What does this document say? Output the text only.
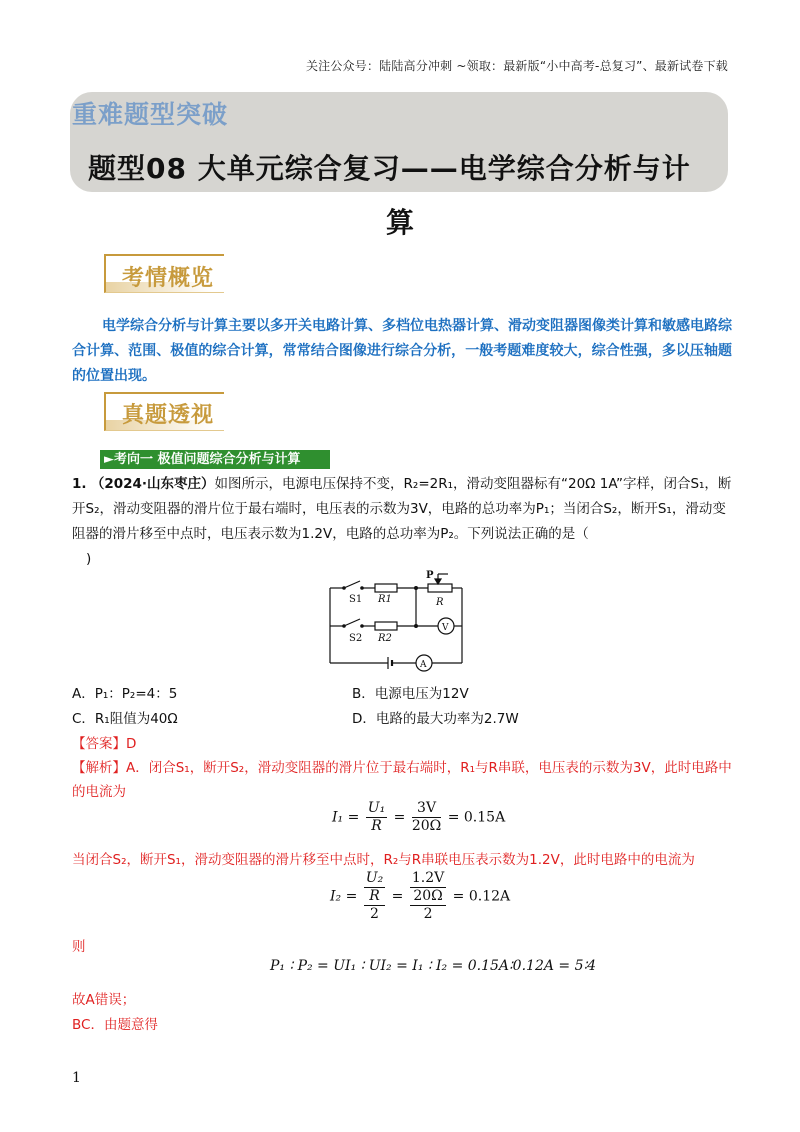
关注公众号：陆陆高分冲刺 ~领取：最新版“小中高考-总复习”、最新试卷下载
重难题型突破
题型08 大单元综合复习——电学综合分析与计
算
考情概览
电学综合分析与计算主要以多开关电路计算、多档位电热器计算、滑动变阻器图像类计算和敏感电路综合计算、范围、极值的综合计算，常常结合图像进行综合分析，一般考题难度较大，综合性强，多以压轴题的位置出现。
真题透视
►考向一 极值问题综合分析与计算
1. （2024·山东枣庄）如图所示，电源电压保持不变，R₂=2R₁，滑动变阻器标有“20Ω 1A”字样，闭合S₁，断开S₂，滑动变阻器的滑片位于最右端时，电压表的示数为3V，电路的总功率为P₁；当闭合S₂，断开S₁，滑动变阻器的滑片移至中点时，电压表示数为1.2V，电路的总功率为P₂。下列说法正确的是（
)
P
S1 R1	R
S2 R2
V
A
A．P₁：P₂=4：5	B．电源电压为12V
C．R₁阻值为40Ω	D．电路的最大功率为2.7W
【答案】D
【解析】A．闭合S₁，断开S₂，滑动变阻器的滑片位于最右端时，R₁与R串联，电压表的示数为3V，此时电路中的电流为
$I_1 = \frac{\text{U₁}}{R} = \frac{3V}{20\Omega} = 0.15A$
当闭合S₂，断开S₁，滑动变阻器的滑片移至中点时，R₂与R串联电压表示数为1.2V，此时电路中的电流为
I₂ =
U₂
R
2
=
1.2V
20Ω
2
= 0.12A
则
P₁ ∶ P₂ = UI₁ ∶ UI₂ = I₁ ∶ I₂ = 0.15A∶0.12A = 5∶4
故A错误；
BC．由题意得
1
